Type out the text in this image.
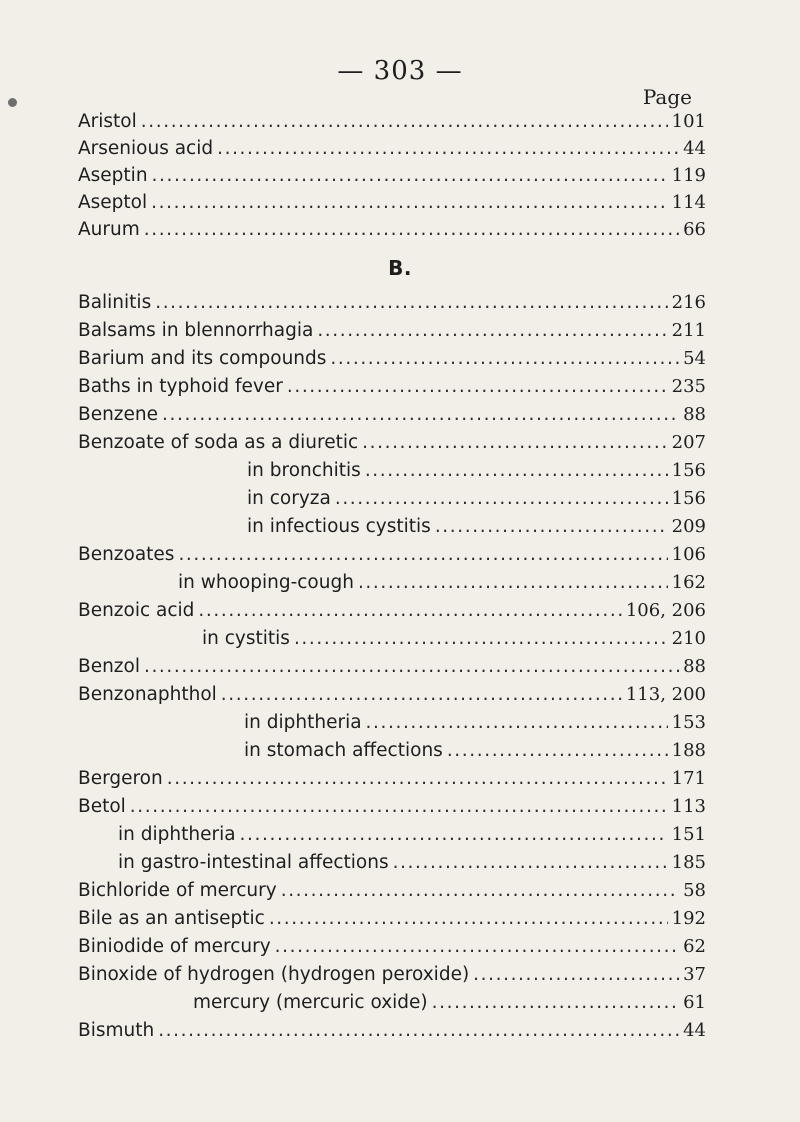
— 303 —
Page
Aristol .....	101
Arsenious acid .....	44
Aseptin .....	119
Aseptol .....	114
Aurum .....	66
B.
Balinitis .....	216
Balsams in blennorrhagia .....	211
Barium and its compounds .....	54
Baths in typhoid fever .....	235
Benzene .....	88
Benzoate of soda as a diuretic .....	207
in bronchitis .....	156
in coryza .....	156
in infectious cystitis .....	209
Benzoates .....	106
in whooping-cough .....	162
Benzoic acid .....	106, 206
in cystitis .....	210
Benzol .....	88
Benzonaphthol .....	113, 200
in diphtheria .....	153
in stomach affections .....	188
Bergeron .....	171
Betol .....	113
in diphtheria .....	151
in gastro-intestinal affections .....	185
Bichloride of mercury .....	58
Bile as an antiseptic .....	192
Biniodide of mercury .....	62
Binoxide of hydrogen (hydrogen peroxide) .....	37
mercury (mercuric oxide) .....	61
Bismuth .....	44
